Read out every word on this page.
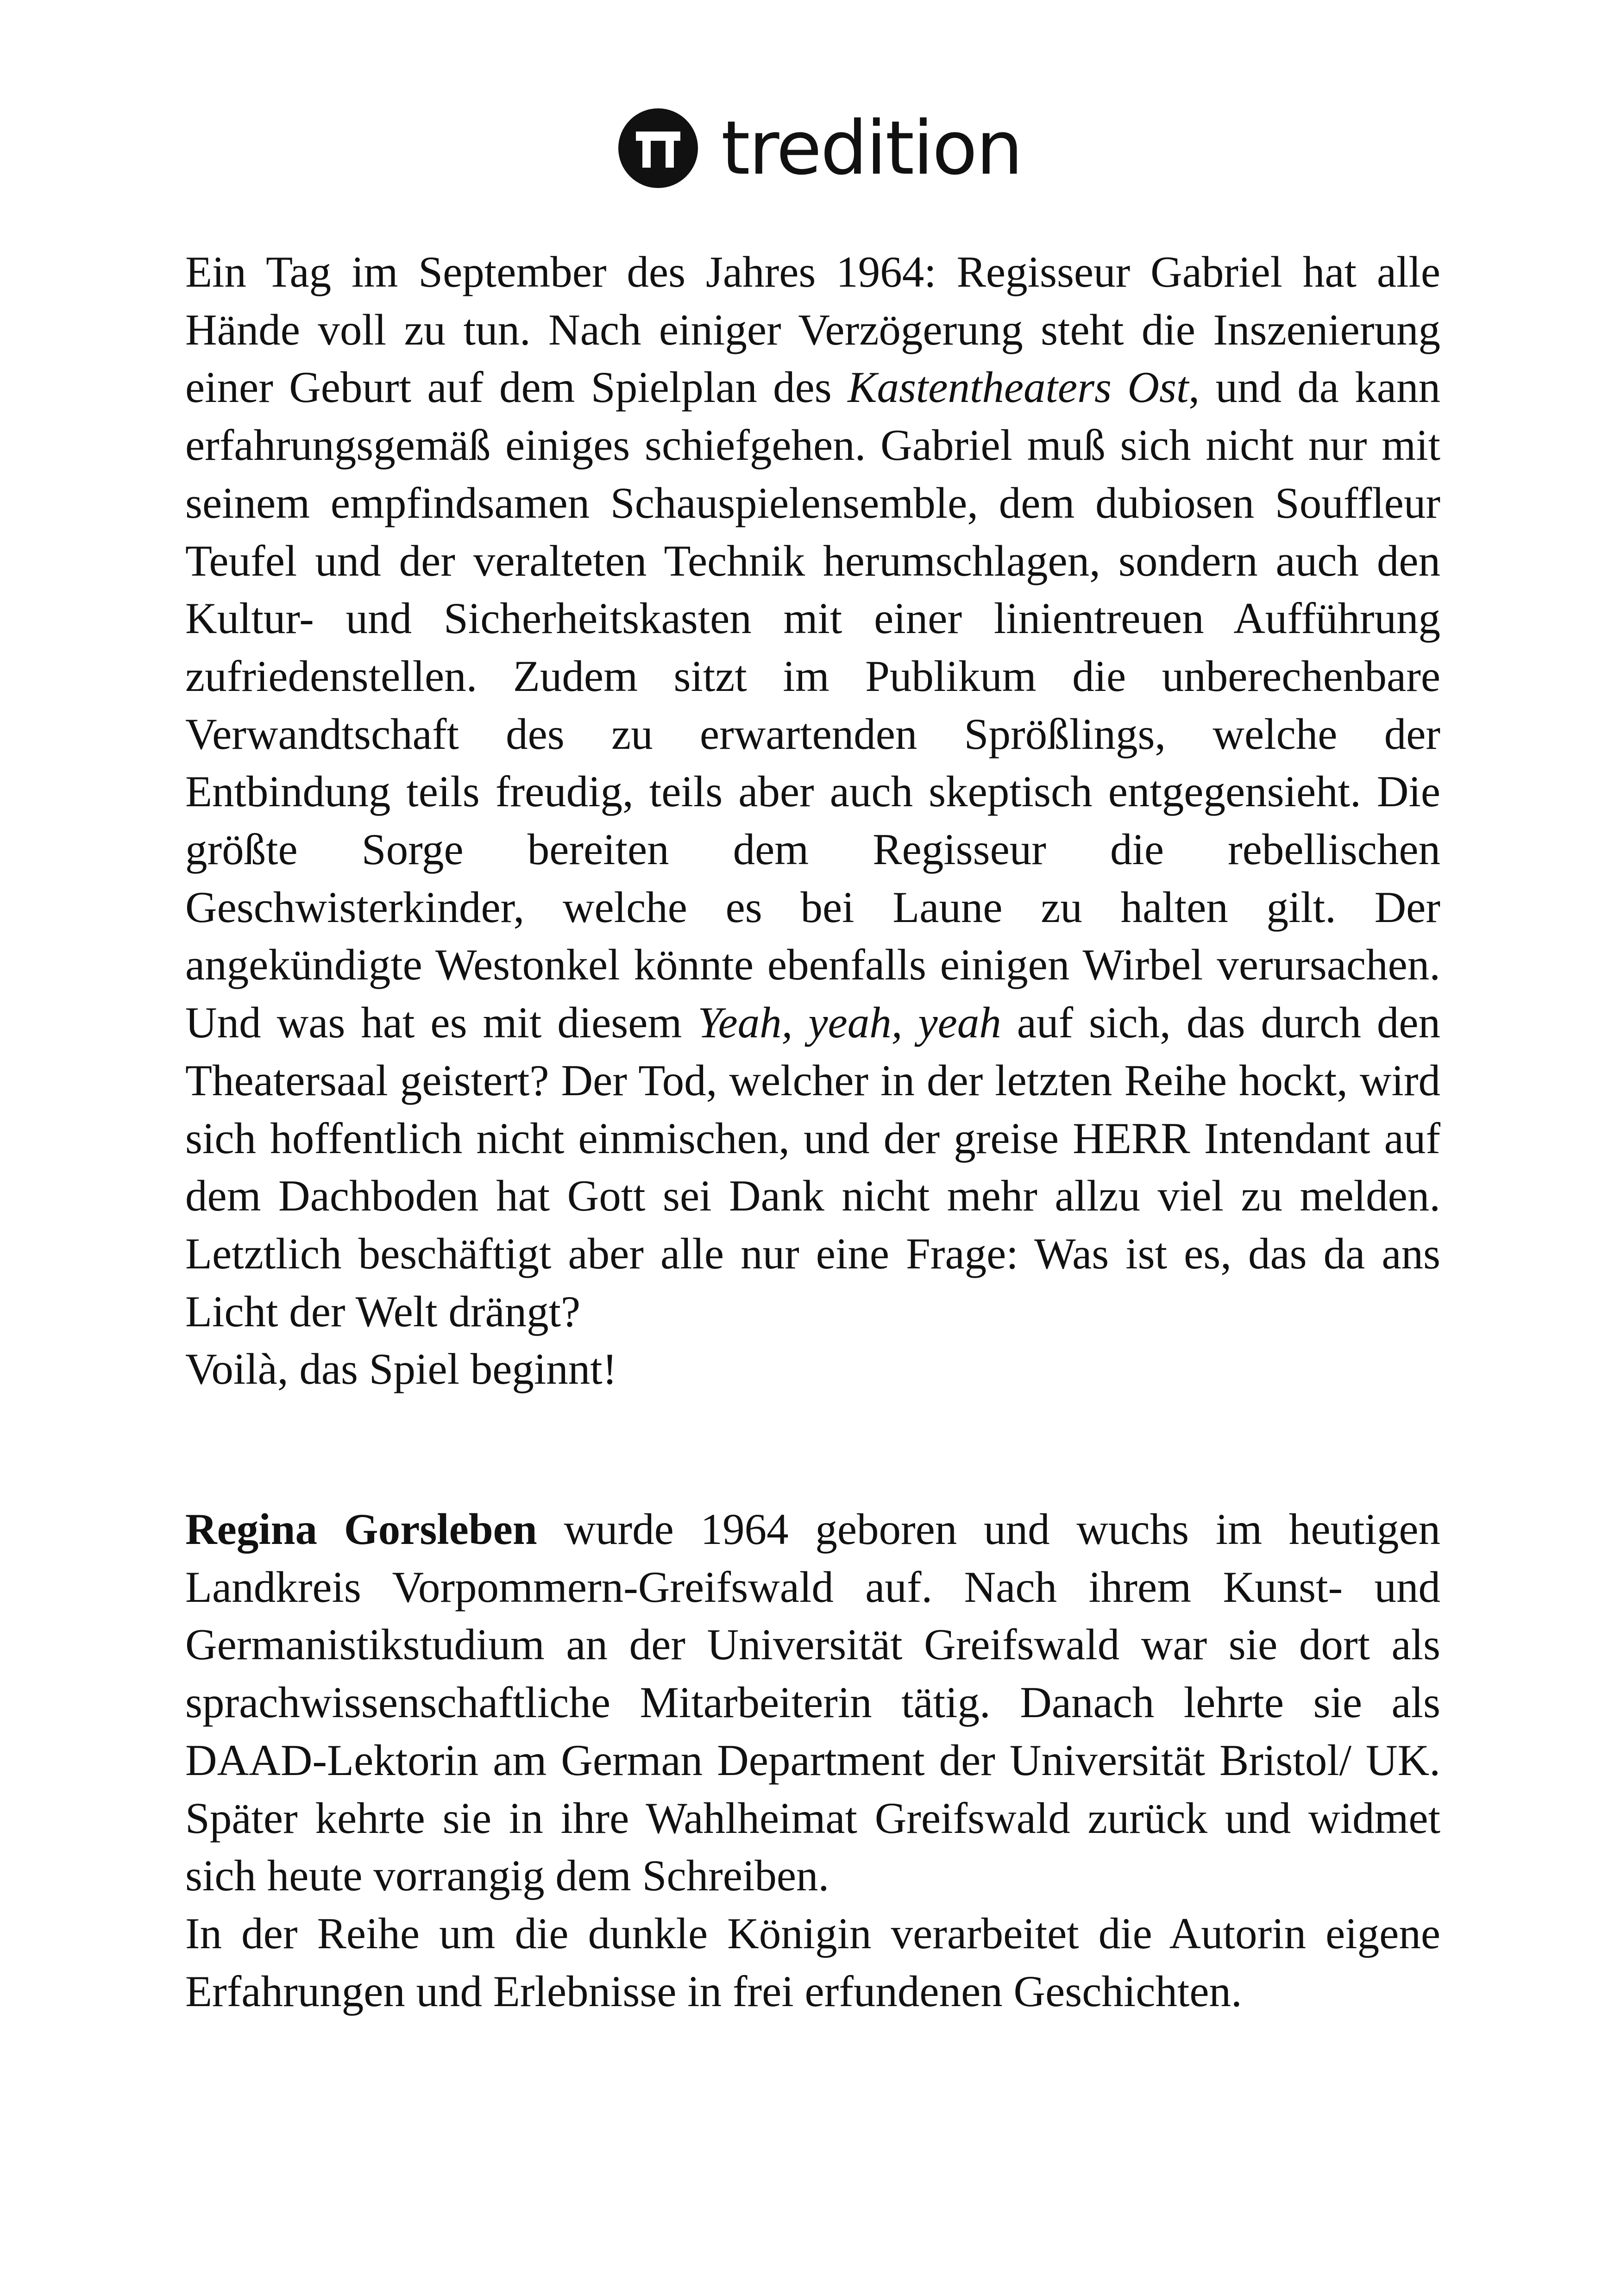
tredition

Ein Tag im September des Jahres 1964: Regisseur Gabriel hat alle Hände voll zu tun. Nach einiger Verzögerung steht die Inszenierung einer Geburt auf dem Spielplan des Kastentheaters Ost, und da kann erfahrungsgemäß einiges schiefgehen. Gabriel muß sich nicht nur mit seinem empfindsamen Schauspielensemble, dem dubiosen Souffleur Teufel und der veralteten Technik herumschlagen, sondern auch den Kultur- und Sicherheitskasten mit einer linientreuen Aufführung zufriedenstellen. Zudem sitzt im Publikum die unberechenbare Verwandtschaft des zu erwartenden Sprößlings, welche der Entbindung teils freudig, teils aber auch skeptisch entgegensieht. Die größte Sorge bereiten dem Regisseur die rebellischen Geschwisterkinder, welche es bei Laune zu halten gilt. Der angekündigte Westonkel könnte ebenfalls einigen Wirbel verursachen. Und was hat es mit diesem Yeah, yeah, yeah auf sich, das durch den Theatersaal geistert? Der Tod, welcher in der letzten Reihe hockt, wird sich hoffentlich nicht einmischen, und der greise HERR Intendant auf dem Dachboden hat Gott sei Dank nicht mehr allzu viel zu melden. Letztlich beschäftigt aber alle nur eine Frage: Was ist es, das da ans Licht der Welt drängt?

Voilà, das Spiel beginnt!

Regina Gorsleben wurde 1964 geboren und wuchs im heutigen Landkreis Vorpommern-Greifswald auf. Nach ihrem Kunst- und Germanistikstudium an der Universität Greifswald war sie dort als sprachwissenschaftliche Mitarbeiterin tätig. Danach lehrte sie als DAAD-Lektorin am German Department der Universität Bristol/ UK. Später kehrte sie in ihre Wahlheimat Greifswald zurück und widmet sich heute vorrangig dem Schreiben.

In der Reihe um die dunkle Königin verarbeitet die Autorin eigene Erfahrungen und Erlebnisse in frei erfundenen Geschichten.
